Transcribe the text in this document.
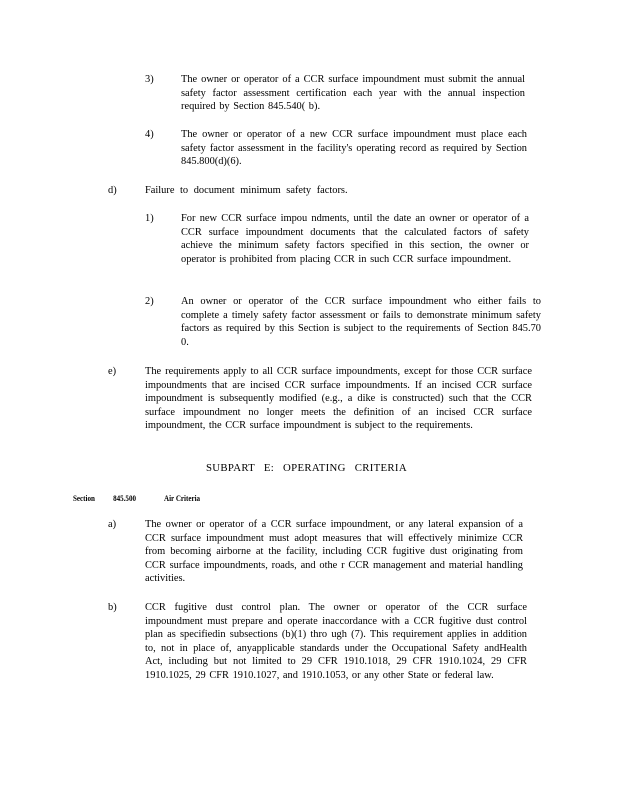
3)	The owner or operator of a CCR surface impoundment must submit the annual safety factor assessment certification each year with the annual inspection required by Section 845.540( b).

4)	The owner or operator of a new CCR surface impoundment must place each safety factor assessment in the facility's operating record as required by Section 845.800(d)(6).

d)	Failure to document minimum safety factors.

1)	For new CCR surface impou ndments, until the date an owner or operator of a CCR surface impoundment documents that the calculated factors of safety achieve the minimum safety factors specified in this section, the owner or operator is prohibited from placing CCR in such CCR surface impoundment.

2)	An owner or operator of the CCR surface impoundment who either fails to complete a timely safety factor assessment or fails to demonstrate minimum safety factors as required by this Section is subject to the requirements of Section 845.70 0.

e)	The requirements apply to all CCR surface impoundments, except for those CCR surface impoundments that are incised CCR surface impoundments. If an incised CCR surface impoundment is subsequently modified (e.g., a dike is constructed) such that the CCR surface impoundment no longer meets the definition of an incised CCR surface impoundment, the CCR surface impoundment is subject to the requirements.

SUBPART E: OPERATING CRITERIA
Section 845.500	Air Criteria
a)	The owner or operator of a CCR surface impoundment, or any lateral expansion of a CCR surface impoundment must adopt measures that will effectively minimize CCR from becoming airborne at the facility, including CCR fugitive dust originating from CCR surface impoundments, roads, and othe r CCR management and material handling activities.

b)	CCR fugitive dust control plan. The owner or operator of the CCR surface impoundment must prepare and operate inaccordance with a CCR fugitive dust control plan as specifiedin subsections (b)(1) thro ugh (7). This requirement applies in addition to, not in place of, anyapplicable standards under the Occupational Safety andHealth Act, including but not limited to 29 CFR 1910.1018, 29 CFR 1910.1024, 29 CFR 1910.1025, 29 CFR 1910.1027, and 1910.1053, or any other State or federal law.
